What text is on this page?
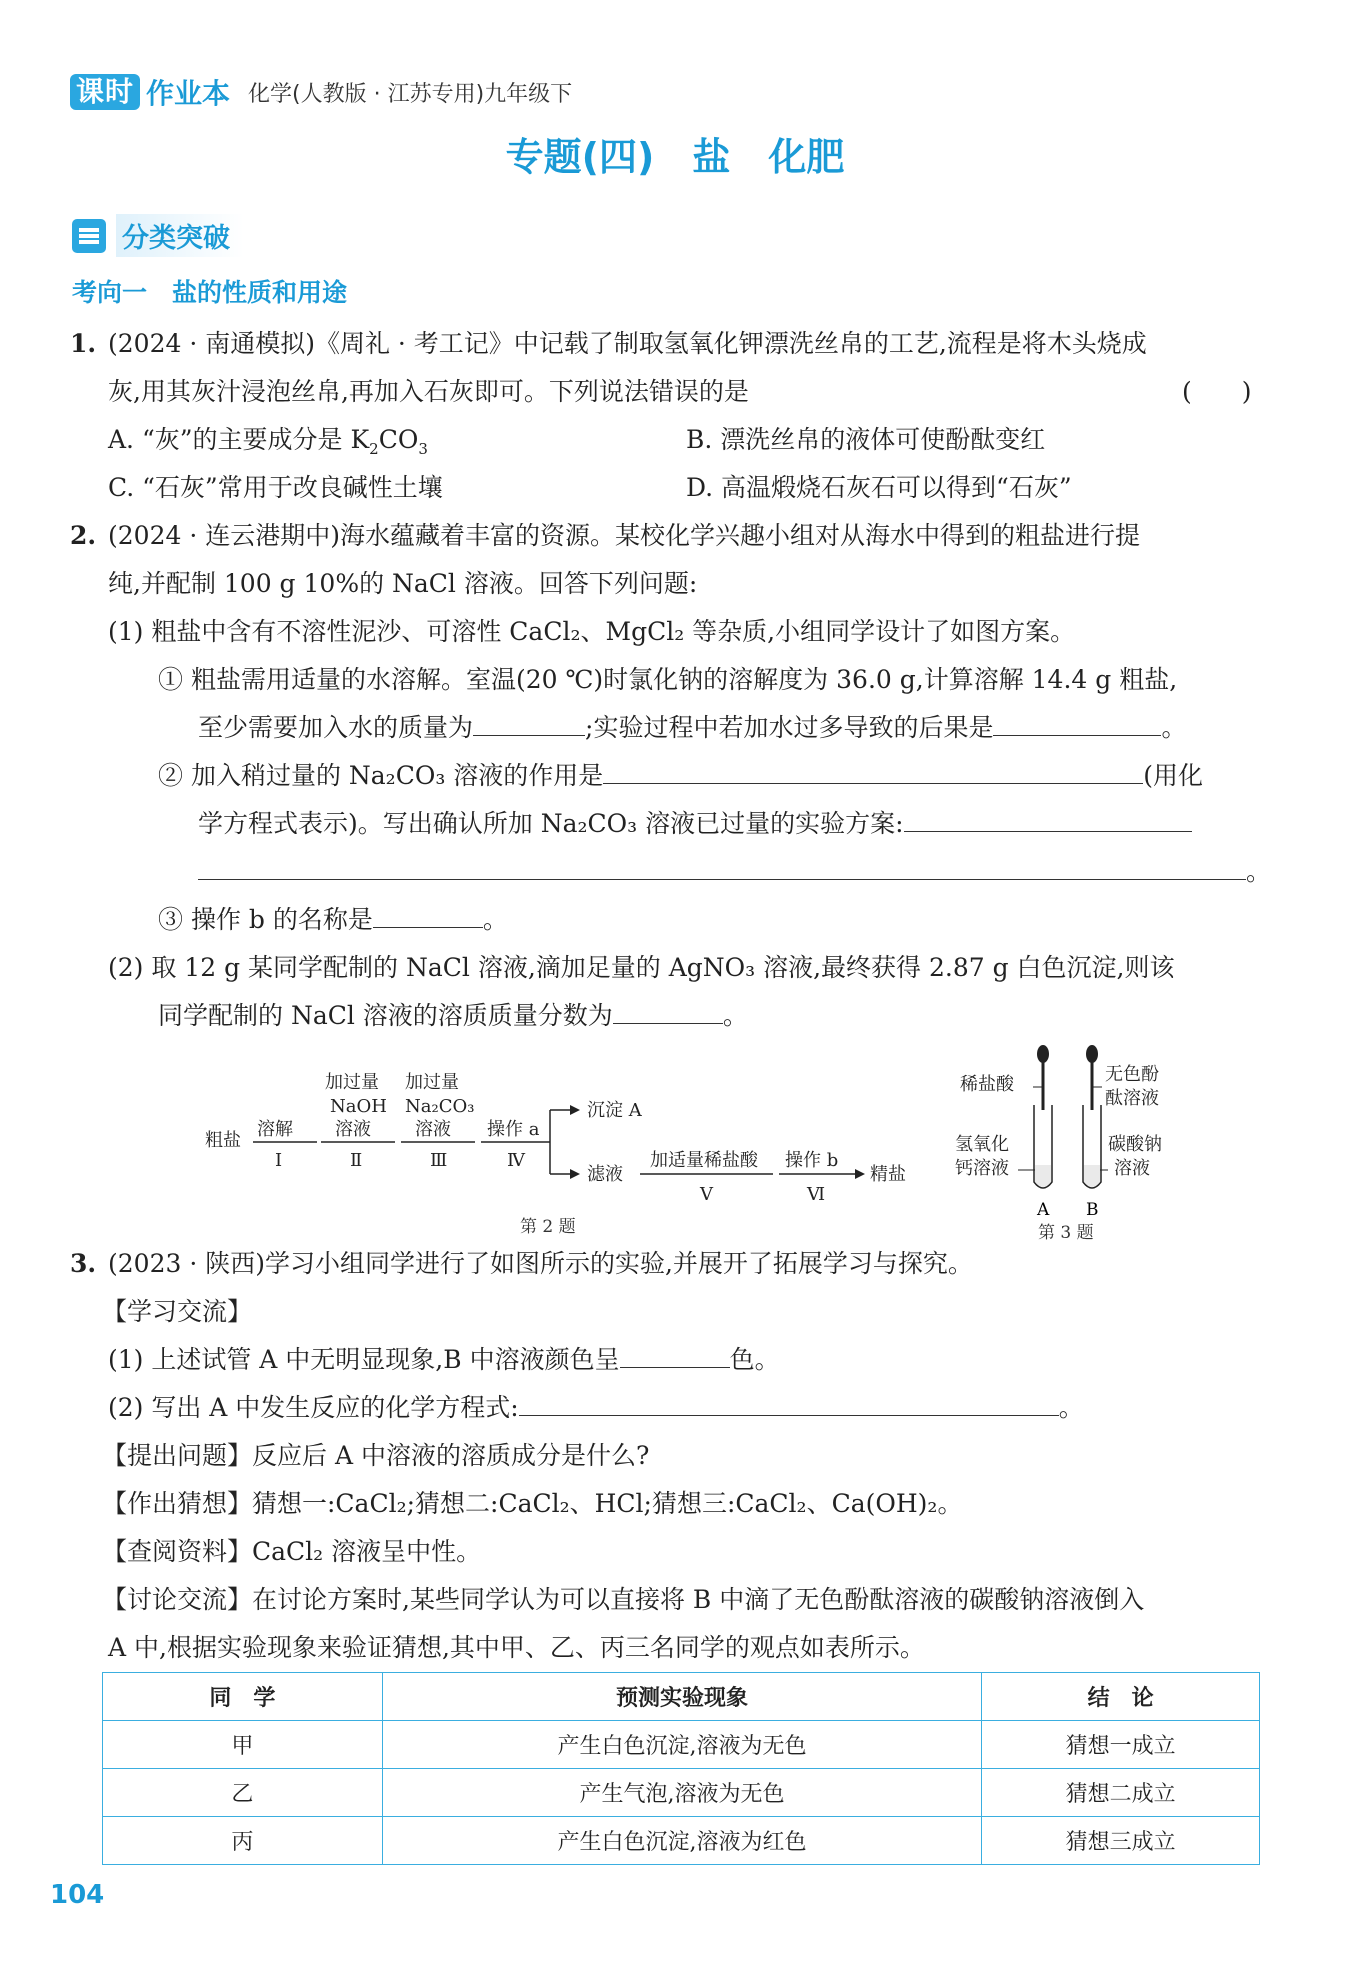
课时 作业本 化学(人教版 · 江苏专用)九年级下
专题(四)　盐　化肥
分类突破
考向一　盐的性质和用途
1. (2024 · 南通模拟)《周礼 · 考工记》中记载了制取氢氧化钾漂洗丝帛的工艺,流程是将木头烧成
灰,用其灰汁浸泡丝帛,再加入石灰即可。下列说法错误的是	(　　)
A. “灰”的主要成分是 $K_2CO_3$	B. 漂洗丝帛的液体可使酚酞变红
C. “石灰”常用于改良碱性土壤	D. 高温煅烧石灰石可以得到“石灰”
2. (2024 · 连云港期中)海水蕴藏着丰富的资源。某校化学兴趣小组对从海水中得到的粗盐进行提
纯,并配制 100 g 10%的 NaCl 溶液。回答下列问题:
(1) 粗盐中含有不溶性泥沙、可溶性 CaCl₂、MgCl₂ 等杂质,小组同学设计了如图方案。
① 粗盐需用适量的水溶解。室温(20 ℃)时氯化钠的溶解度为 36.0 g,计算溶解 14.4 g 粗盐,
至少需要加入水的质量为	;实验过程中若加水过多导致的后果是	。
② 加入稍过量的 Na₂CO₃ 溶液的作用是	(用化
学方程式表示)。写出确认所加 Na₂CO₃ 溶液已过量的实验方案:
。
③ 操作 b 的名称是	。
(2) 取 12 g 某同学配制的 NaCl 溶液,滴加足量的 AgNO₃ 溶液,最终获得 2.87 g 白色沉淀,则该
同学配制的 NaCl 溶液的溶质质量分数为	。
粗盐
溶解
Ⅰ
加过量
NaOH
溶液
Ⅱ
加过量
Na₂CO₃
溶液
Ⅲ
操作 a
Ⅳ
沉淀 A
滤液
加适量稀盐酸
Ⅴ
操作 b
Ⅵ
精盐
第 2 题
稀盐酸	无色酚
酞溶液
氢氧化
钙溶液
碳酸钠
溶液
A B
第 3 题
3. (2023 · 陕西)学习小组同学进行了如图所示的实验,并展开了拓展学习与探究。
【学习交流】
(1) 上述试管 A 中无明显现象,B 中溶液颜色呈	色。
(2) 写出 A 中发生反应的化学方程式:	。
【提出问题】反应后 A 中溶液的溶质成分是什么?
【作出猜想】猜想一:CaCl₂;猜想二:CaCl₂、HCl;猜想三:CaCl₂、Ca(OH)₂。
【查阅资料】CaCl₂ 溶液呈中性。
【讨论交流】在讨论方案时,某些同学认为可以直接将 B 中滴了无色酚酞溶液的碳酸钠溶液倒入
A 中,根据实验现象来验证猜想,其中甲、乙、丙三名同学的观点如表所示。
同　学	预测实验现象	结　论
甲	产生白色沉淀,溶液为无色	猜想一成立
乙	产生气泡,溶液为无色	猜想二成立
丙	产生白色沉淀,溶液为红色	猜想三成立
104
